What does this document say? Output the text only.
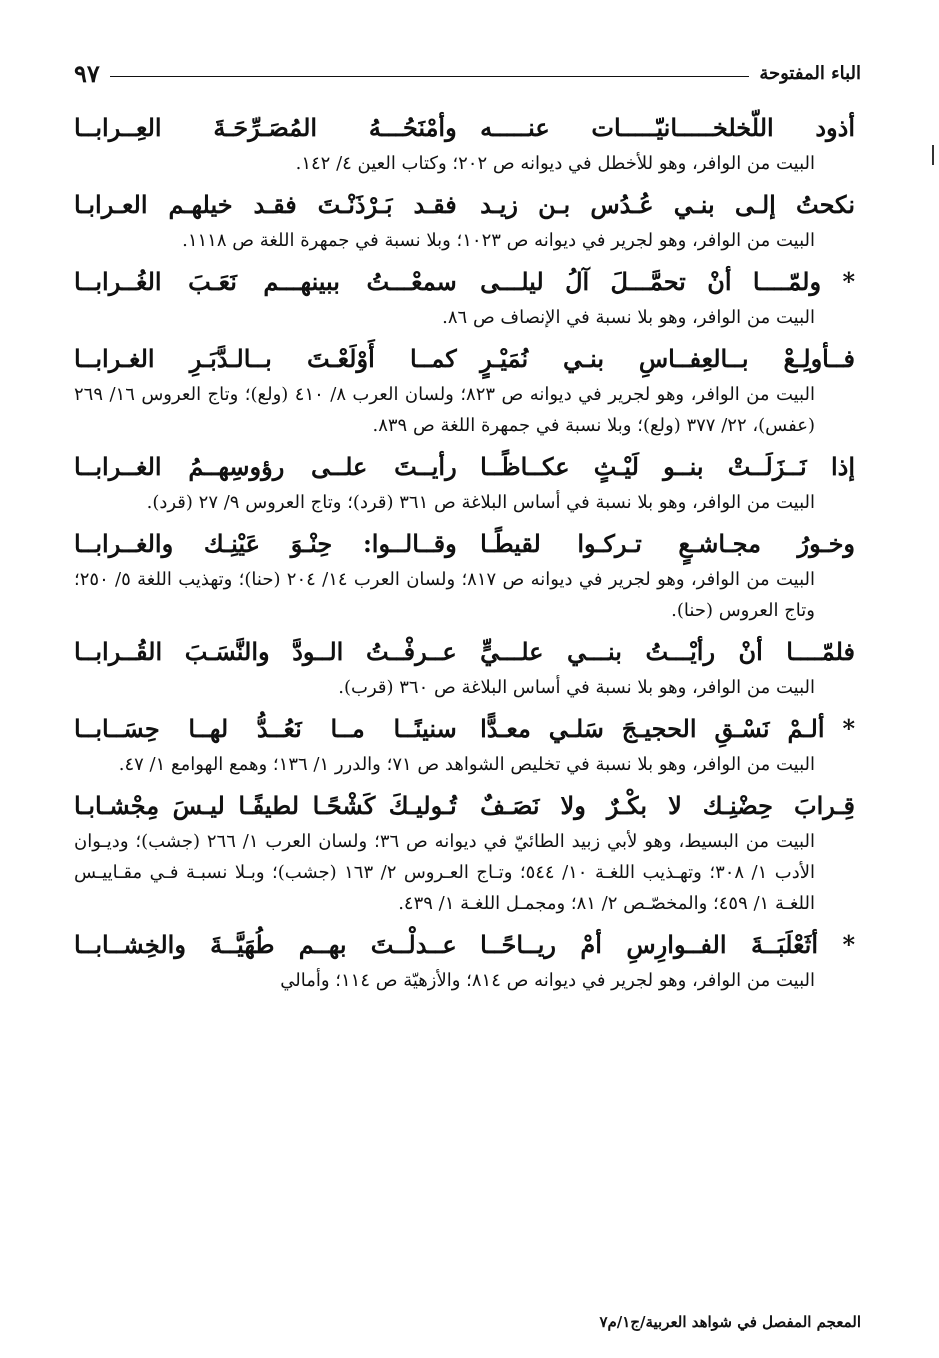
الباء المفتوحة
٩٧
أذود اللّخلخـــــانيّـــــات عنـــــه
وأمْنَحُـــهُ المُصَـرِّحَـةَ العِــرابــا
البيت من الوافر، وهو للأخطل في ديوانه ص ٢٠٢؛ وكتاب العين ٤/ ١٤٢.
نكحتُ إلـى بنـي عُـدُس بـن زيـد
فقـد بَـرْذَنْـتَ فقـد خيلهـم العـرابـا
البيت من الوافر، وهو لجرير في ديوانه ص ١٠٢٣؛ وبلا نسبة في جمهرة اللغة ص ١١١٨.
* ولمّــــا أنْ تحمَّـــلَ آلُ ليلـــى
سمعْـــتُ ببينهـــم نَعَـبَ الغُــرابــا
البيت من الوافر، وهو بلا نسبة في الإنصاف ص ٨٦.
فــأولِـعْ بــالعِفــاسِ بنـي نُمَيْـرٍ
كمــا أَوْلَعْـتَ بــالـدَّبَـرِ الغـرابــا
البيت من الوافر، وهو لجرير في ديوانه ص ٨٢٣؛ ولسان العرب ٨/ ٤١٠ (ولع)؛ وتاج العروس ١٦/ ٢٦٩ (عفس)، ٢٢/ ٣٧٧ (ولع)؛ وبلا نسبة في جمهرة اللغة ص ٨٣٩.
إذا نَــزَلَــتْ بنــو لَيْـثٍ عكــاظًــا
رأيــتَ علــى رؤوسِهــمُ الغــرابــا
البيت من الوافر، وهو بلا نسبة في أساس البلاغة ص ٣٦١ (قرد)؛ وتاج العروس ٩/ ٢٧ (قرد).
وخـورُ مجـاشـعٍ تـركـوا لقيطًـا
وقــالــوا: حِنْـوَ عَيْنِـك والغــرابــا
البيت من الوافر، وهو لجرير في ديوانه ص ٨١٧؛ ولسان العرب ١٤/ ٢٠٤ (حنا)؛ وتهذيب اللغة ٥/ ٢٥٠؛ وتاج العروس (حنا).
فلمّــــا أنْ رأيْـــتُ بنـــي علـــيٍّ
عــرفْــتُ الــودَّ والنَّسَـبَ القُــرابــا
البيت من الوافر، وهو بلا نسبة في أساس البلاغة ص ٣٦٠ (قرب).
* ألـمْ نَسْـقِ الحجيـجَ سَلـي معـدًّا
سنينًــا مــا نَعُــدُّ لهــا حِسَــابــا
البيت من الوافر، وهو بلا نسبة في تخليص الشواهد ص ٧١؛ والدرر ١/ ١٣٦؛ وهمع الهوامع ١/ ٤٧.
قِـرابَ حِضْنِـك لا بكْـرٌ ولا نَصَـفٌ
تُـوليـكَ كَشْحًـا لطيفًـا ليـسَ مِجْشـابـا
البيت من البسيط، وهو لأبي زبيد الطائيّ في ديوانه ص ٣٦؛ ولسان العرب ١/ ٢٦٦ (جشب)؛ وديـوان الأدب ١/ ٣٠٨؛ وتهـذيب اللغـة ١٠/ ٥٤٤؛ وتـاج العـروس ٢/ ١٦٣ (جشب)؛ وبـلا نسبـة فـي مقـاييـس اللغـة ١/ ٤٥٩؛ والمخصّـص ٢/ ٨١؛ ومجمـل اللغـة ١/ ٤٣٩.
* أثَعْلَبَــةَ الفــوارِسِ أمْ ريــاحًــا
عــدلْــتَ بهــم طُهَيَّــةَ والخِشــابــا
البيت من الوافر، وهو لجرير في ديوانه ص ٨١٤؛ والأزهيّة ص ١١٤؛ وأمالي
المعجم المفصل في شواهد العربية/ج١/م٧
